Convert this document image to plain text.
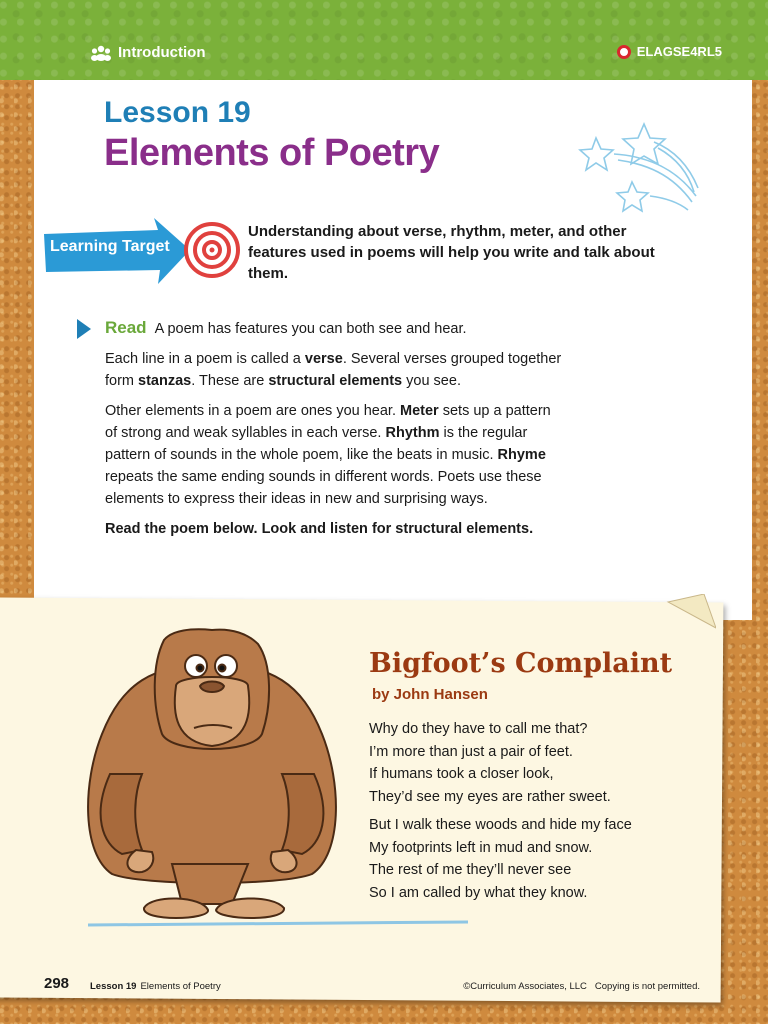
Introduction	ELAGSE4RL5
Lesson 19
Elements of Poetry
Learning Target
Understanding about verse, rhythm, meter, and other features used in poems will help you write and talk about them.

Read A poem has features you can both see and hear.

Each line in a poem is called a verse. Several verses grouped together form stanzas. These are structural elements you see.

Other elements in a poem are ones you hear. Meter sets up a pattern of strong and weak syllables in each verse. Rhythm is the regular pattern of sounds in the whole poem, like the beats in music. Rhyme repeats the same ending sounds in different words. Poets use these elements to express their ideas in new and surprising ways.

Read the poem below. Look and listen for structural elements.

Bigfoot’s Complaint
by John Hansen
Why do they have to call me that?
I’m more than just a pair of feet.
If humans took a closer look,
They’d see my eyes are rather sweet.
But I walk these woods and hide my face
My footprints left in mud and snow.
The rest of me they’ll never see
So I am called by what they know.
298 Lesson 19 Elements of Poetry	©Curriculum Associates, LLC Copying is not permitted.
